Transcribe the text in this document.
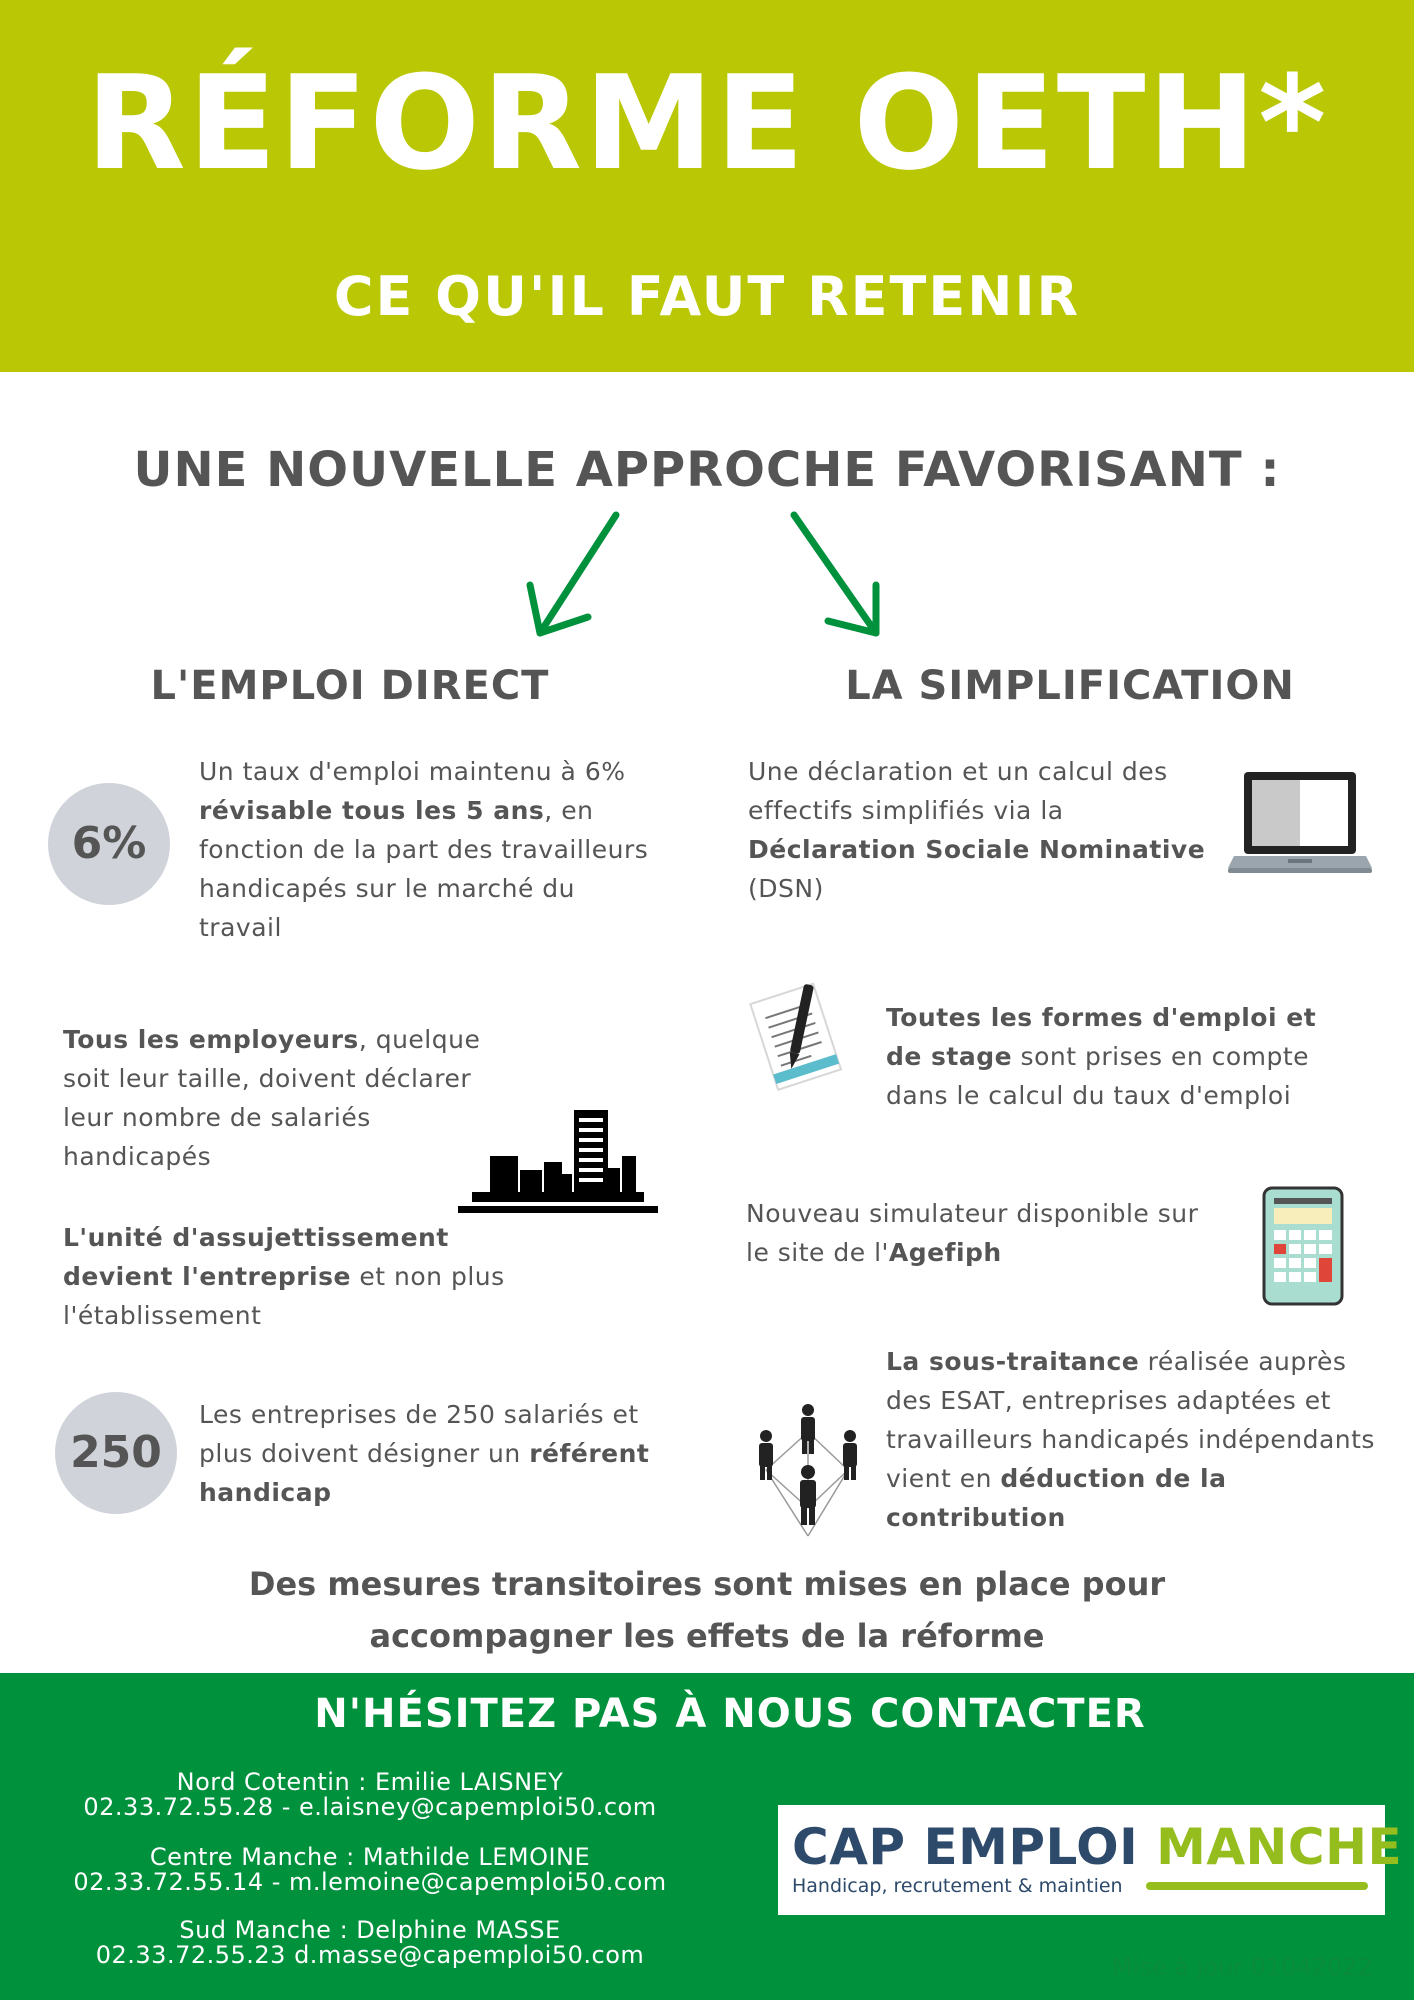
RÉFORME OETH*
CE QU'IL FAUT RETENIR
UNE NOUVELLE APPROCHE FAVORISANT :
L'EMPLOI DIRECT	LA SIMPLIFICATION
6%
Un taux d'emploi maintenu à 6% révisable tous les 5 ans, en fonction de la part des travailleurs handicapés sur le marché du travail
Tous les employeurs, quelque soit leur taille, doivent déclarer leur nombre de salariés handicapés
L'unité d'assujettissement devient l'entreprise et non plus l'établissement
250
Les entreprises de 250 salariés et plus doivent désigner un référent handicap
Une déclaration et un calcul des effectifs simplifiés via la Déclaration Sociale Nominative (DSN)
Toutes les formes d'emploi et de stage sont prises en compte dans le calcul du taux d'emploi
Nouveau simulateur disponible sur le site de l'Agefiph
La sous-traitance réalisée auprès des ESAT, entreprises adaptées et travailleurs handicapés indépendants vient en déduction de la contribution
Des mesures transitoires sont mises en place pour accompagner les effets de la réforme
N'HÉSITEZ PAS À NOUS CONTACTER
Nord Cotentin : Emilie LAISNEY
02.33.72.55.28 - e.laisney@capemploi50.com
Centre Manche : Mathilde LEMOINE
02.33.72.55.14 - m.lemoine@capemploi50.com
Sud Manche : Delphine MASSE
02.33.72.55.23 d.masse@capemploi50.com
CAP EMPLOI MANCHE
Handicap, recrutement & maintien
Mise à jour 01042022
